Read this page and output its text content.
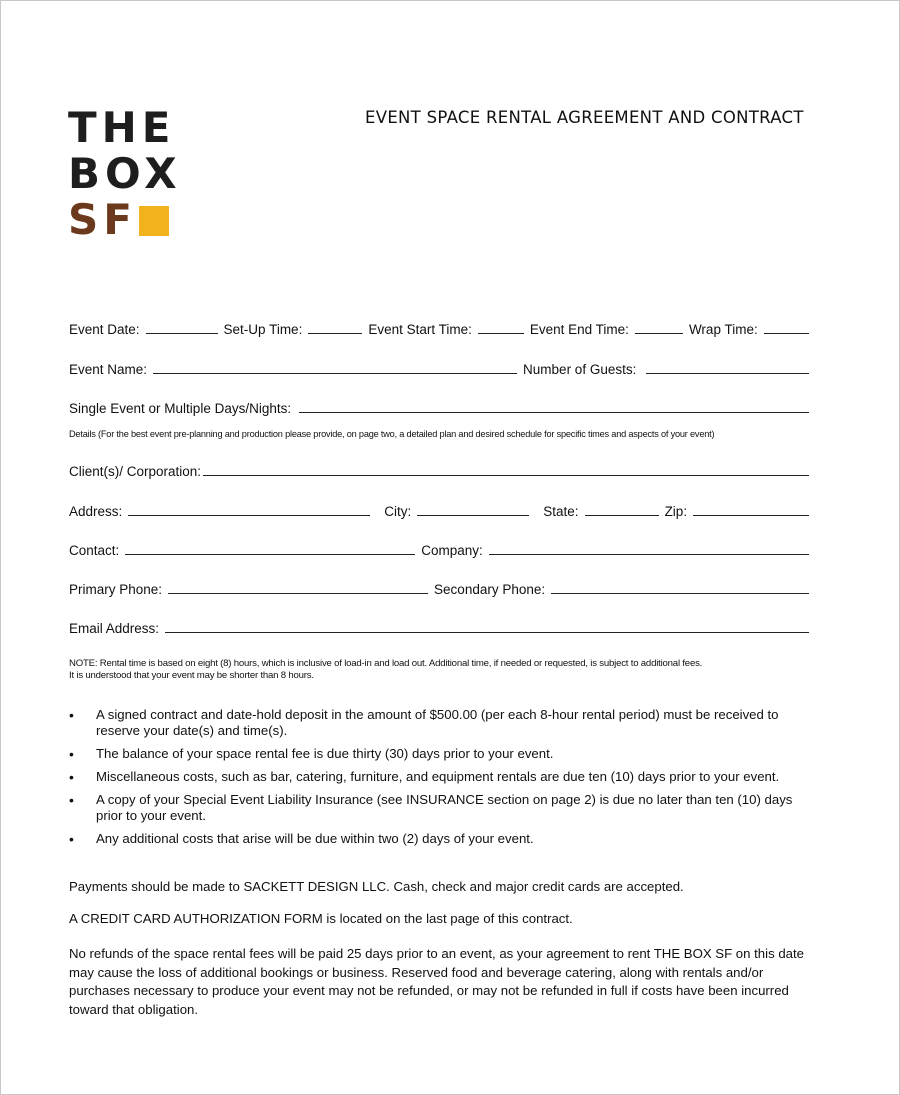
THE
BOX
SF
EVENT SPACE RENTAL AGREEMENT AND CONTRACT
Event Date:	Set-Up Time:	Event Start Time:	Event End Time:	Wrap Time:
Event Name:	Number of Guests:
Single Event or Multiple Days/Nights:
Details (For the best event pre-planning and production please provide, on page two, a detailed plan and desired schedule for specific times and aspects of your event)
Client(s)/ Corporation:
Address:	City:	State:	Zip:
Contact:	Company:
Primary Phone:	Secondary Phone:
Email Address:
NOTE: Rental time is based on eight (8) hours, which is inclusive of load-in and load out. Additional time, if needed or requested, is subject to additional fees.
It is understood that your event may be shorter than 8 hours.
• A signed contract and date-hold deposit in the amount of $500.00 (per each 8-hour rental period) must be received to reserve your date(s) and time(s).
• The balance of your space rental fee is due thirty (30) days prior to your event.
• Miscellaneous costs, such as bar, catering, furniture, and equipment rentals are due ten (10) days prior to your event.
• A copy of your Special Event Liability Insurance (see INSURANCE section on page 2) is due no later than ten (10) days prior to your event.
• Any additional costs that arise will be due within two (2) days of your event.
Payments should be made to SACKETT DESIGN LLC. Cash, check and major credit cards are accepted.
A CREDIT CARD AUTHORIZATION FORM is located on the last page of this contract.
No refunds of the space rental fees will be paid 25 days prior to an event, as your agreement to rent THE BOX SF on this date may cause the loss of additional bookings or business. Reserved food and beverage catering, along with rentals and/or purchases necessary to produce your event may not be refunded, or may not be refunded in full if costs have been incurred toward that obligation.
